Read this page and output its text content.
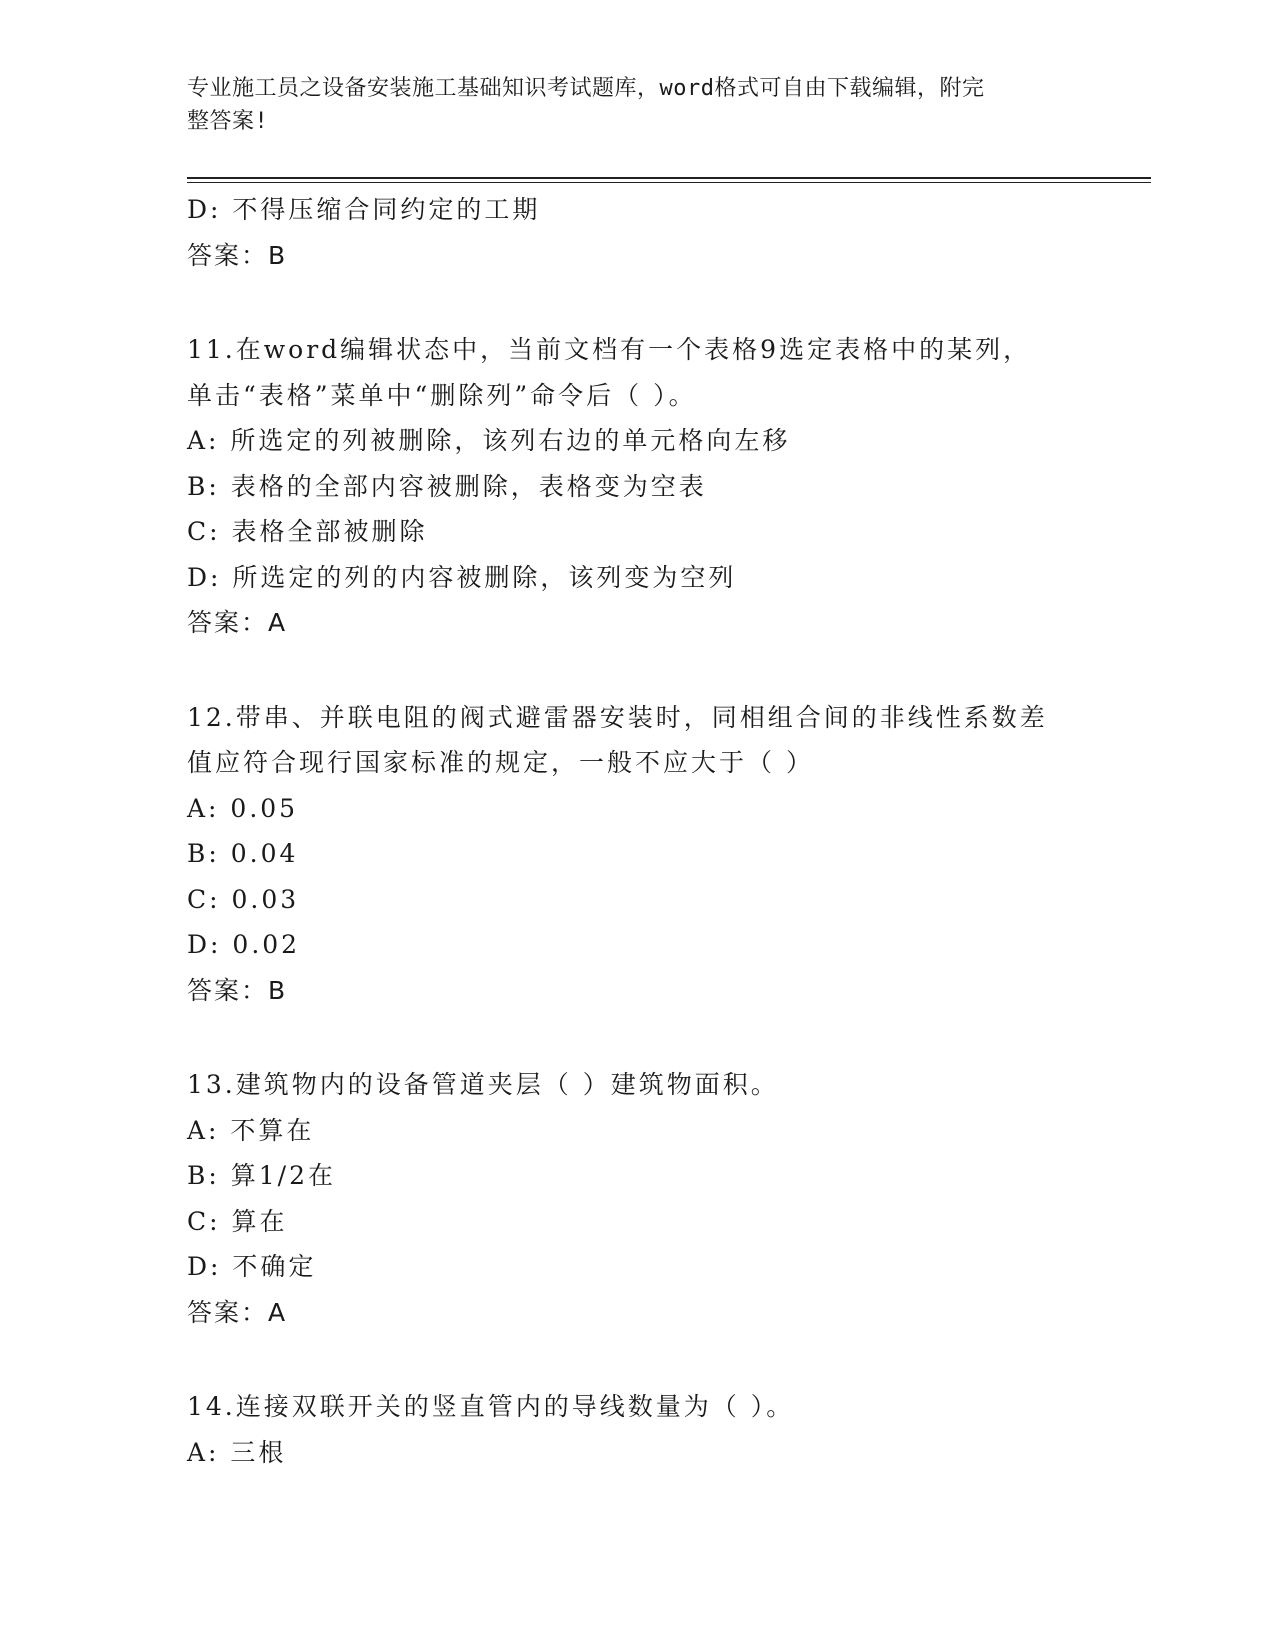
专业施工员之设备安装施工基础知识考试题库，word格式可自由下载编辑，附完
整答案!
D: 不得压缩合同约定的工期
答案：B
11.在word编辑状态中，当前文档有一个表格9选定表格中的某列，
单击“表格”菜单中“删除列”命令后（ ）。
A: 所选定的列被删除，该列右边的单元格向左移
B: 表格的全部内容被删除，表格变为空表
C: 表格全部被删除
D: 所选定的列的内容被删除，该列变为空列
答案：A
12.带串、并联电阻的阀式避雷器安装时，同相组合间的非线性系数差
值应符合现行国家标准的规定，一般不应大于（ ）
A: 0.05
B: 0.04
C: 0.03
D: 0.02
答案：B
13.建筑物内的设备管道夹层（ ）建筑物面积。
A: 不算在
B: 算1/2在
C: 算在
D: 不确定
答案：A
14.连接双联开关的竖直管内的导线数量为（ ）。
A: 三根
